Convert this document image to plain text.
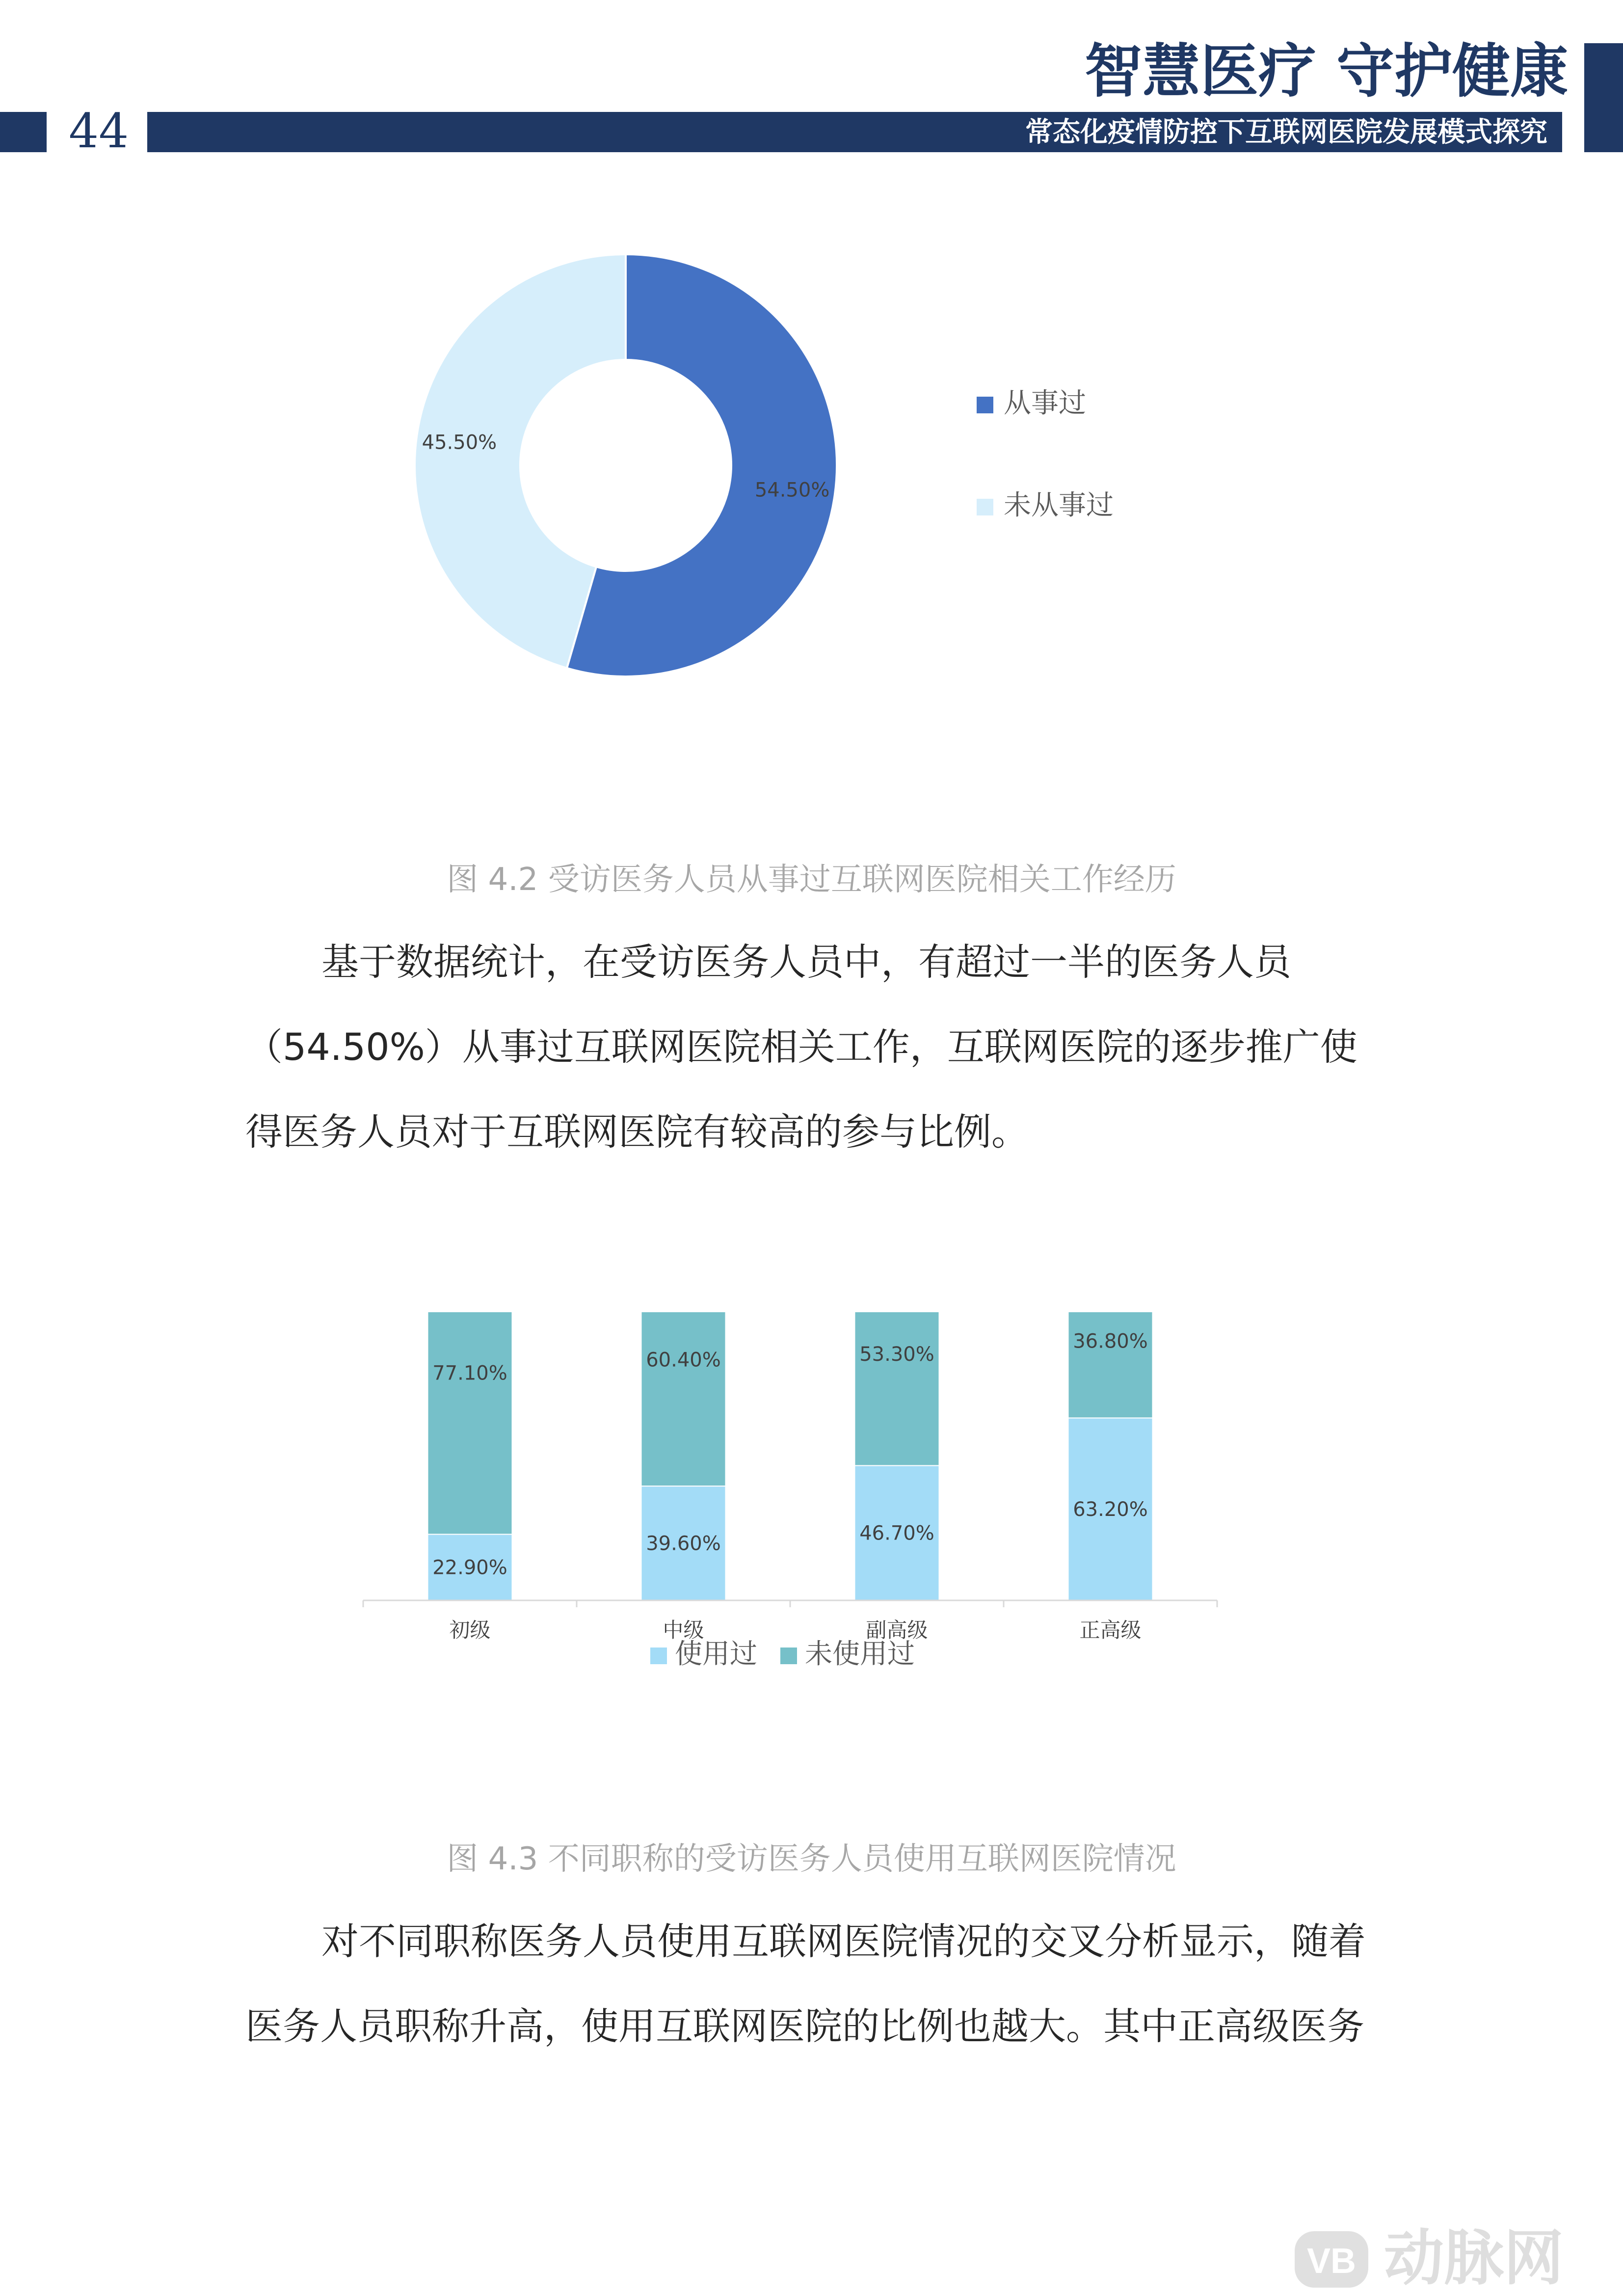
44	常态化疫情防控下互联网医院发展模式探究
智慧医疗 守护健康
54.50%
45.50%
从事过
未从事过
图 4.2 受访医务人员从事过互联网医院相关工作经历
基于数据统计，在受访医务人员中，有超过一半的医务人员
（54.50%）从事过互联网医院相关工作，互联网医院的逐步推广使
得医务人员对于互联网医院有较高的参与比例。
22.90%
77.10%
39.60%
60.40%
46.70%
53.30%
63.20%
36.80%
初级	中级	副高级	正高级
使用过 未使用过
图 4.3 不同职称的受访医务人员使用互联网医院情况
对不同职称医务人员使用互联网医院情况的交叉分析显示，随着
医务人员职称升高，使用互联网医院的比例也越大。其中正高级医务
VB 动脉网
